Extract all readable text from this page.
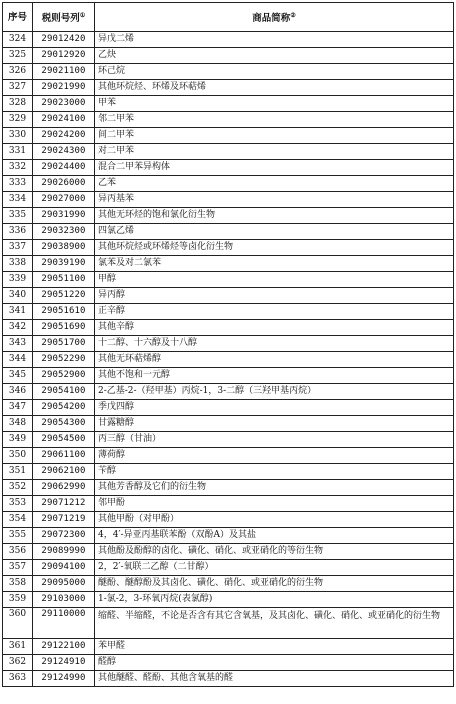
序号	税则号列①	商品简称②
324	29012420	异戊二烯
325	29012920	乙炔
326	29021100	环己烷
327	29021990	其他环烷烃、环烯及环萜烯
328	29023000	甲苯
329	29024100	邻二甲苯
330	29024200	间二甲苯
331	29024300	对二甲苯
332	29024400	混合二甲苯异构体
333	29026000	乙苯
334	29027000	异丙基苯
335	29031990	其他无环烃的饱和氯化衍生物
336	29032300	四氯乙烯
337	29038900	其他环烷烃或环烯烃等卤化衍生物
338	29039190	氯苯及对二氯苯
339	29051100	甲醇
340	29051220	异丙醇
341	29051610	正辛醇
342	29051690	其他辛醇
343	29051700	十二醇、十六醇及十八醇
344	29052290	其他无环萜烯醇
345	29052900	其他不饱和一元醇
346	29054100	2-乙基-2-（羟甲基）丙烷-1，3-二醇（三羟甲基丙烷）
347	29054200	季戊四醇
348	29054300	甘露糖醇
349	29054500	丙三醇（甘油）
350	29061100	薄荷醇
351	29062100	苄醇
352	29062990	其他芳香醇及它们的衍生物
353	29071212	邻甲酚
354	29071219	其他甲酚（对甲酚）
355	29072300	4，4′-异亚丙基联苯酚（双酚A）及其盐
356	29089990	其他酚及酚醇的卤化、磺化、硝化、或亚硝化的等衍生物
357	29094100	2，2′-氧联二乙醇（二甘醇）
358	29095000	醚酚、醚醇酚及其卤化、磺化、硝化、或亚硝化的衍生物
359	29103000	1-氯-2，3-环氧丙烷(表氯醇)
360	29110000	缩醛、半缩醛，不论是否含有其它含氧基，及其卤化、磺化、硝化、或亚硝化的衍生物
361	29122100	苯甲醛
362	29124910	醛醇
363	29124990	其他醚醛、醛酚、其他含氧基的醛
